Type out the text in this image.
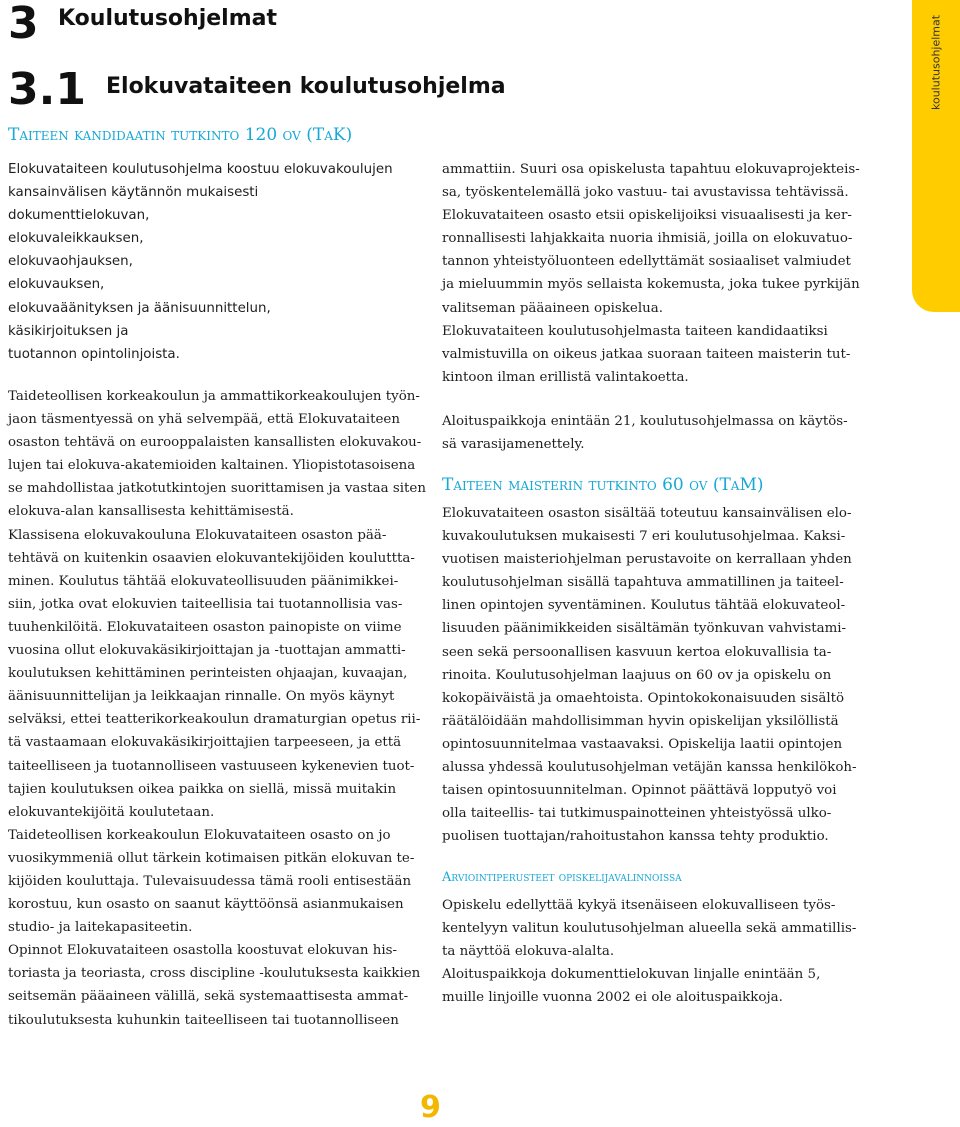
3 Koulutusohjelmat
3.1 Elokuvataiteen koulutusohjelma	koulutusohjelmat
Taiteen kandidaatin tutkinto 120 ov (TaK)
Elokuvataiteen koulutusohjelma koostuu elokuvakoulujen
kansainvälisen käytännön mukaisesti
dokumenttielokuvan,
elokuvaleikkauksen,
elokuvaohjauksen,
elokuvauksen,
elokuvaäänityksen ja äänisuunnittelun,
käsikirjoituksen ja
tuotannon opintolinjoista.
Taideteollisen korkeakoulun ja ammattikorkeakoulujen työn-
jaon täsmentyessä on yhä selvempää, että Elokuvataiteen
osaston tehtävä on eurooppalaisten kansallisten elokuvakou-
lujen tai elokuva-akatemioiden kaltainen. Yliopistotasoisena
se mahdollistaa jatkotutkintojen suorittamisen ja vastaa siten
elokuva-alan kansallisesta kehittämisestä.
Klassisena elokuvakouluna Elokuvataiteen osaston pää-
tehtävä on kuitenkin osaavien elokuvantekijöiden kouluttta-
minen. Koulutus tähtää elokuvateollisuuden päänimikkei-
siin, jotka ovat elokuvien taiteellisia tai tuotannollisia vas-
tuuhenkilöitä. Elokuvataiteen osaston painopiste on viime
vuosina ollut elokuvakäsikirjoittajan ja -tuottajan ammatti-
koulutuksen kehittäminen perinteisten ohjaajan, kuvaajan,
äänisuunnittelijan ja leikkaajan rinnalle. On myös käynyt
selväksi, ettei teatterikorkeakoulun dramaturgian opetus rii-
tä vastaamaan elokuvakäsikirjoittajien tarpeeseen, ja että
taiteelliseen ja tuotannolliseen vastuuseen kykenevien tuot-
tajien koulutuksen oikea paikka on siellä, missä muitakin
elokuvantekijöitä koulutetaan.
Taideteollisen korkeakoulun Elokuvataiteen osasto on jo
vuosikymmeniä ollut tärkein kotimaisen pitkän elokuvan te-
kijöiden kouluttaja. Tulevaisuudessa tämä rooli entisestään
korostuu, kun osasto on saanut käyttöönsä asianmukaisen
studio- ja laitekapasiteetin.
Opinnot Elokuvataiteen osastolla koostuvat elokuvan his-
toriasta ja teoriasta, cross discipline -koulutuksesta kaikkien
seitsemän pääaineen välillä, sekä systemaattisesta ammat-
tikoulutuksesta kuhunkin taiteelliseen tai tuotannolliseen
ammattiin. Suuri osa opiskelusta tapahtuu elokuvaprojekteis-
sa, työskentelemällä joko vastuu- tai avustavissa tehtävissä.
Elokuvataiteen osasto etsii opiskelijoiksi visuaalisesti ja ker-
ronnallisesti lahjakkaita nuoria ihmisiä, joilla on elokuvatuo-
tannon yhteistyöluonteen edellyttämät sosiaaliset valmiudet
ja mieluummin myös sellaista kokemusta, joka tukee pyrkijän
valitseman pääaineen opiskelua.
Elokuvataiteen koulutusohjelmasta taiteen kandidaatiksi
valmistuvilla on oikeus jatkaa suoraan taiteen maisterin tut-
kintoon ilman erillistä valintakoetta.
Aloituspaikkoja enintään 21, koulutusohjelmassa on käytös-
sä varasijamenettely.
Taiteen maisterin tutkinto 60 ov (TaM)
Elokuvataiteen osaston sisältää toteutuu kansainvälisen elo-
kuvakoulutuksen mukaisesti 7 eri koulutusohjelmaa. Kaksi-
vuotisen maisteriohjelman perustavoite on kerrallaan yhden
koulutusohjelman sisällä tapahtuva ammatillinen ja taiteel-
linen opintojen syventäminen. Koulutus tähtää elokuvateol-
lisuuden päänimikkeiden sisältämän työnkuvan vahvistami-
seen sekä persoonallisen kasvuun kertoa elokuvallisia ta-
rinoita. Koulutusohjelman laajuus on 60 ov ja opiskelu on
kokopäiväistä ja omaehtoista. Opintokokonaisuuden sisältö
räätälöidään mahdollisimman hyvin opiskelijan yksilöllistä
opintosuunnitelmaa vastaavaksi. Opiskelija laatii opintojen
alussa yhdessä koulutusohjelman vetäjän kanssa henkilökoh-
taisen opintosuunnitelman. Opinnot päättävä lopputyö voi
olla taiteellis- tai tutkimuspainotteinen yhteistyössä ulko-
puolisen tuottajan/rahoitustahon kanssa tehty produktio.
Arviointiperusteet opiskelijavalinnoissa
Opiskelu edellyttää kykyä itsenäiseen elokuvalliseen työs-
kentelyyn valitun koulutusohjelman alueella sekä ammatillis-
ta näyttöä elokuva-alalta.
Aloituspaikkoja dokumenttielokuvan linjalle enintään 5,
muille linjoille vuonna 2002 ei ole aloituspaikkoja.
9
